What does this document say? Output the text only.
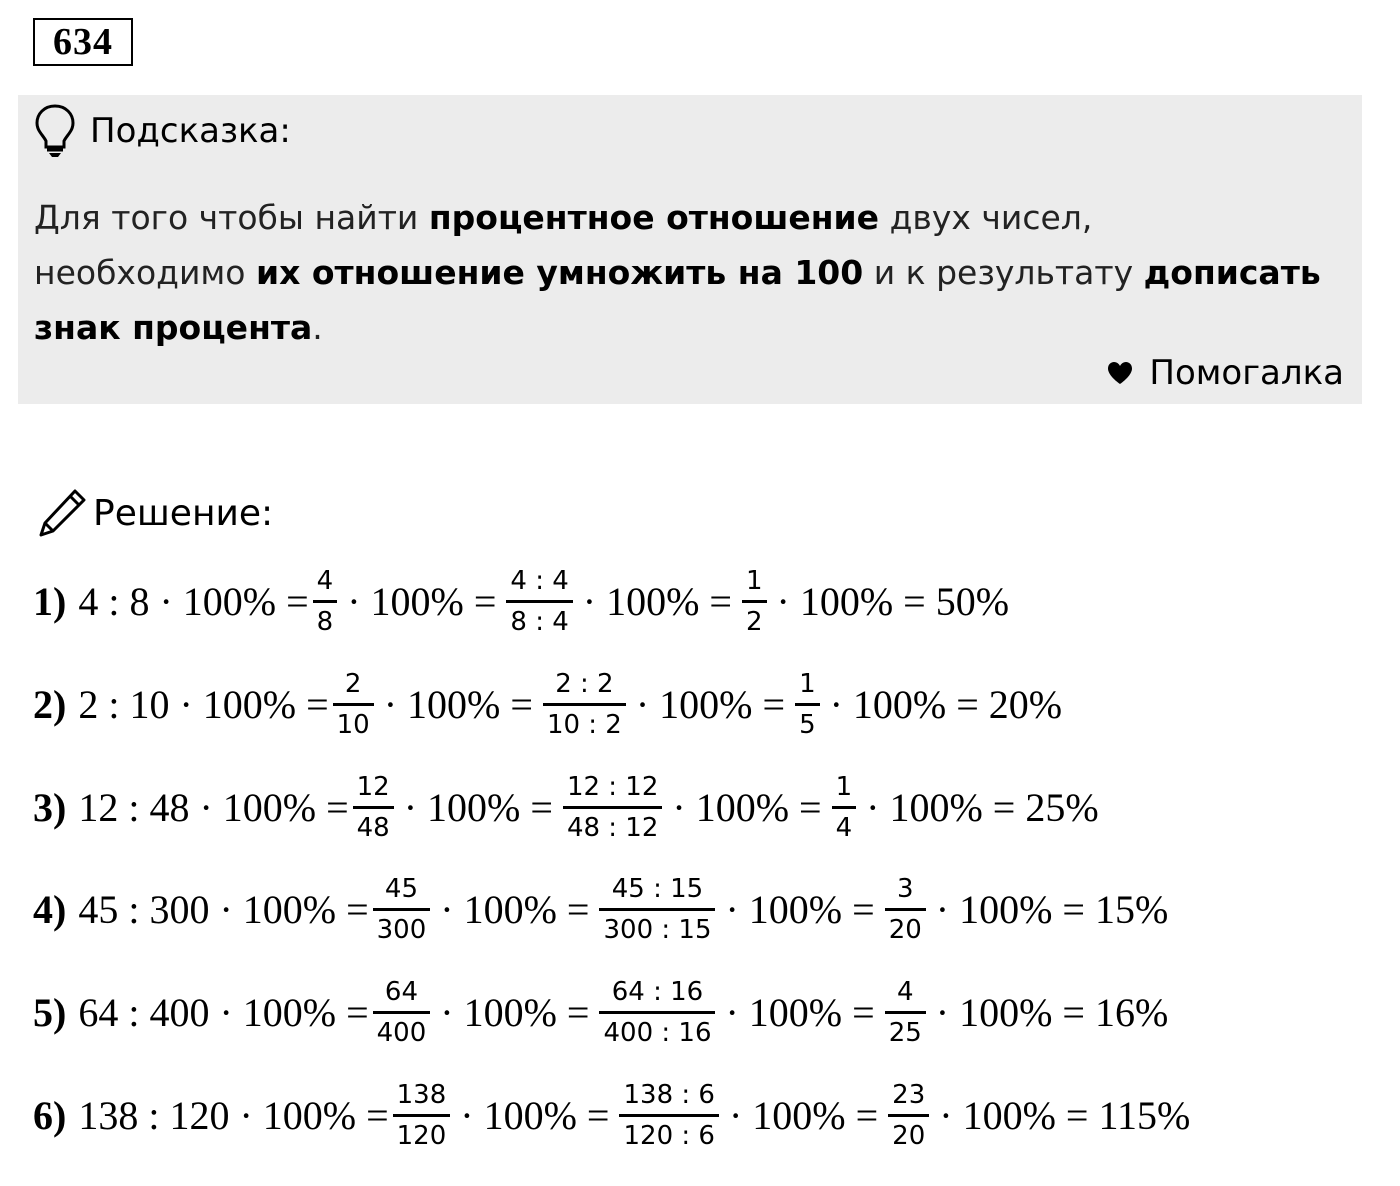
634
Подсказка:
Для того чтобы найти процентное отношение двух чисел,
необходимо их отношение умножить на 100 и к результату дописать
знак процента.
Помогалка
Решение:
1) 4 : $8 \cdot 100\% = \frac{4}{8} \cdot 100\% = \frac{4 : 4}{8 : 4} \cdot 100\% = \frac{1}{2} \cdot 100\% = 50\%$
2) 2 : $10 \cdot 100\% = \frac{2}{10} \cdot 100\% = \frac{2 : 2}{10 : 2} \cdot 100\% = \frac{1}{5} \cdot 100\% = 20\%$
3) 12 : $48 \cdot 100\% = \frac{12}{48} \cdot 100\% = \frac{12 : 12}{48 : 12} \cdot 100\% = \frac{1}{4} \cdot 100\% = 25\%$
4) 45 : $300 \cdot 100\% = \frac{45}{300} \cdot 100\% = \frac{45 : 15}{300 : 15} \cdot 100\% = \frac{3}{20} \cdot 100\% = 15\%$
5) 64 : $400 \cdot 100\% = \frac{64}{400} \cdot 100\% = \frac{64 : 16}{400 : 16} \cdot 100\% = \frac{4}{25} \cdot 100\% = 16\%$
6) 138 : $120 \cdot 100\% = \frac{138}{120} \cdot 100\% = \frac{138 : 6}{120 : 6} \cdot 100\% = \frac{23}{20} \cdot 100\% = 115\%$
